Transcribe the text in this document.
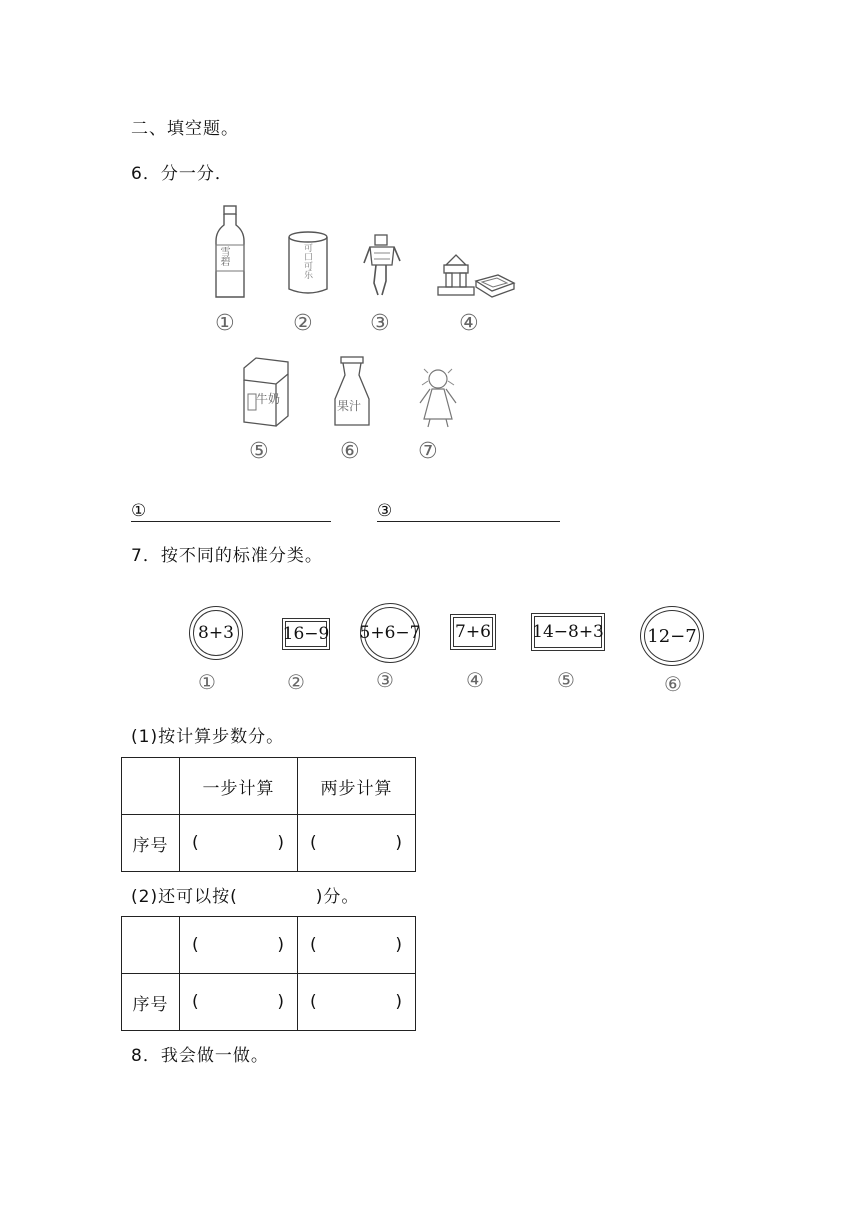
二、填空题。
6．分一分．
雪碧
①
可口可乐
②	③	④
牛奶
⑤
果汁
⑥	⑦
①	③
7．按不同的标准分类。
8+3
①
16−9
②
5+6−7
③
7+6
④
14−8+3
⑤
12−7
⑥
(1)按计算步数分。
	一步计算	两步计算
序号	( )	( )
(2)还可以按(	)分。

	( )	( )

序号	( )	( )
8．我会做一做。
